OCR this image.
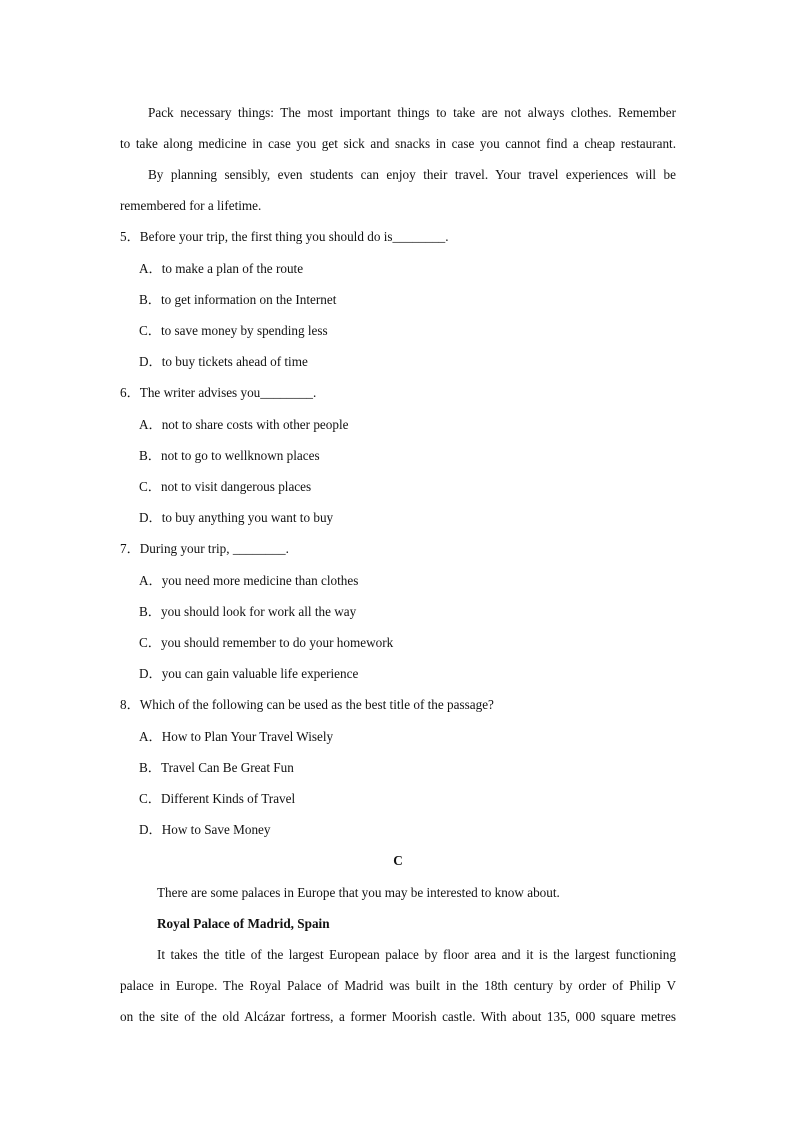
Pack necessary things: The most important things to take are not always clothes. Remember
to take along medicine in case you get sick and snacks in case you cannot find a cheap restaurant.
By planning sensibly, even students can enjoy their travel. Your travel experiences will be
remembered for a lifetime.
5．Before your trip, the first thing you should do is________.
A．to make a plan of the route
B．to get information on the Internet
C．to save money by spending less
D．to buy tickets ahead of time
6．The writer advises you________.
A．not to share costs with other people
B．not to go to wellknown places
C．not to visit dangerous places
D．to buy anything you want to buy
7．During your trip, ________.
A．you need more medicine than clothes
B．you should look for work all the way
C．you should remember to do your homework
D．you can gain valuable life experience
8．Which of the following can be used as the best title of the passage?
A．How to Plan Your Travel Wisely
B．Travel Can Be Great Fun
C．Different Kinds of Travel
D．How to Save Money
C
There are some palaces in Europe that you may be interested to know about.
Royal Palace of Madrid, Spain
It takes the title of the largest European palace by floor area and it is the largest functioning
palace in Europe. The Royal Palace of Madrid was built in the 18th century by order of Philip V
on the site of the old Alcázar fortress, a former Moorish castle. With about 135, 000 square metres
